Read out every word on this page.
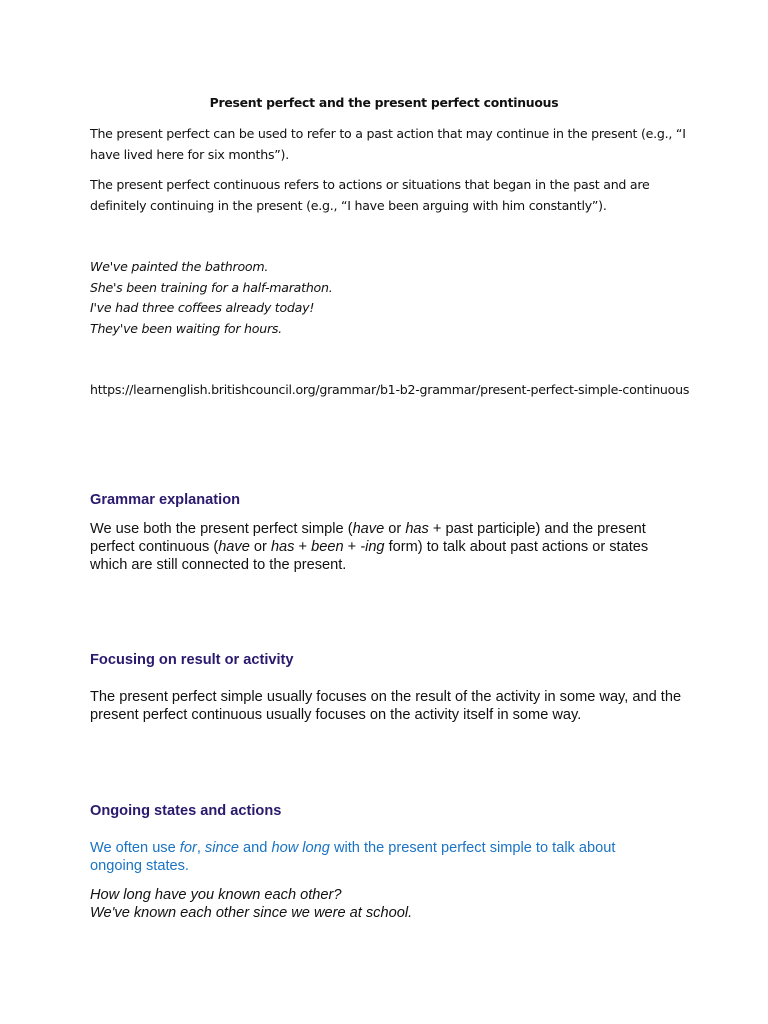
Present perfect and the present perfect continuous

The present perfect can be used to refer to a past action that may continue in the present (e.g., “I have lived here for six months”).

The present perfect continuous refers to actions or situations that began in the past and are definitely continuing in the present (e.g., “I have been arguing with him constantly”).

We've painted the bathroom.
She's been training for a half-marathon.
I've had three coffees already today!
They've been waiting for hours.

https://learnenglish.britishcouncil.org/grammar/b1-b2-grammar/present-perfect-simple-continuous

Grammar explanation

We use both the present perfect simple (have or has + past participle) and the present perfect continuous (have or has + been + -ing form) to talk about past actions or states which are still connected to the present.

Focusing on result or activity

The present perfect simple usually focuses on the result of the activity in some way, and the present perfect continuous usually focuses on the activity itself in some way.

Ongoing states and actions

We often use for, since and how long with the present perfect simple to talk about ongoing states.

How long have you known each other?
We've known each other since we were at school.
